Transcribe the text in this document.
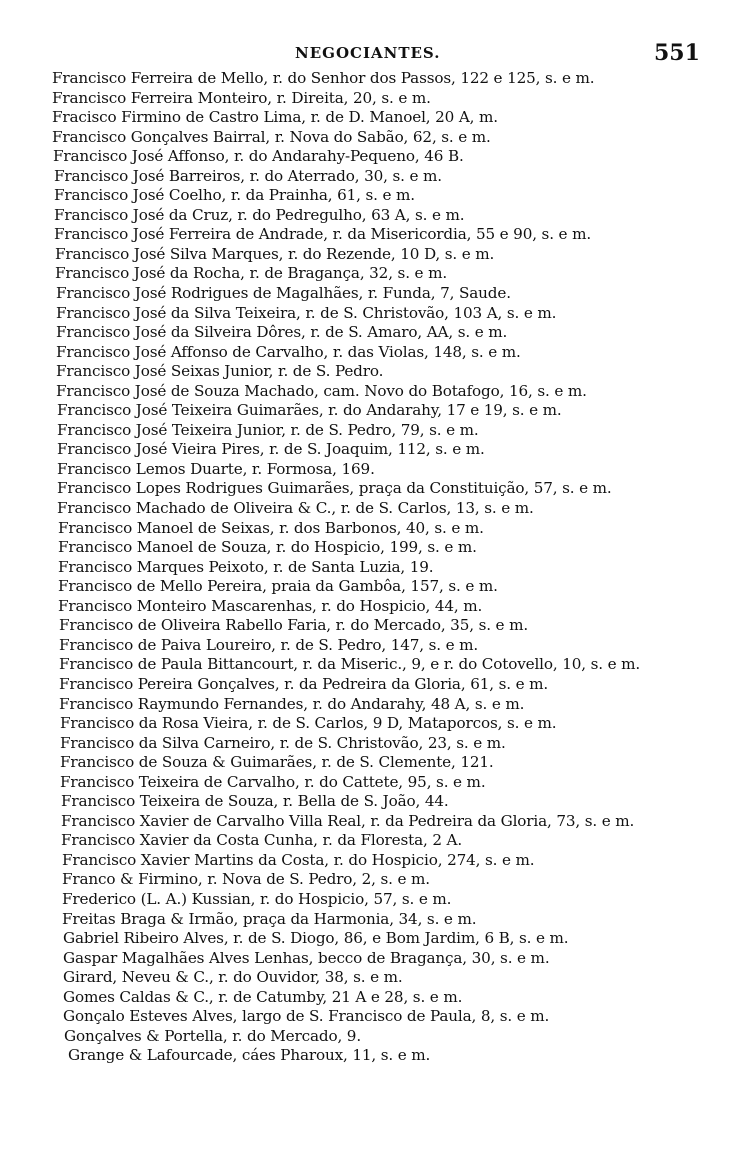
NEGOCIANTES.	551
Francisco Ferreira de Mello, r. do Senhor dos Passos, 122 e 125, s. e m.
Francisco Ferreira Monteiro, r. Direita, 20, s. e m.
Fracisco Firmino de Castro Lima, r. de D. Manoel, 20 A, m.
Francisco Gonçalves Bairral, r. Nova do Sabão, 62, s. e m.
Francisco José Affonso, r. do Andarahy-Pequeno, 46 B.
Francisco José Barreiros, r. do Aterrado, 30, s. e m.
Francisco José Coelho, r. da Prainha, 61, s. e m.
Francisco José da Cruz, r. do Pedregulho, 63 A, s. e m.
Francisco José Ferreira de Andrade, r. da Misericordia, 55 e 90, s. e m.
Francisco José Silva Marques, r. do Rezende, 10 D, s. e m.
Francisco José da Rocha, r. de Bragança, 32, s. e m.
Francisco José Rodrigues de Magalhães, r. Funda, 7, Saude.
Francisco José da Silva Teixeira, r. de S. Christovão, 103 A, s. e m.
Francisco José da Silveira Dôres, r. de S. Amaro, AA, s. e m.
Francisco José Affonso de Carvalho, r. das Violas, 148, s. e m.
Francisco José Seixas Junior, r. de S. Pedro.
Francisco José de Souza Machado, cam. Novo do Botafogo, 16, s. e m.
Francisco José Teixeira Guimarães, r. do Andarahy, 17 e 19, s. e m.
Francisco José Teixeira Junior, r. de S. Pedro, 79, s. e m.
Francisco José Vieira Pires, r. de S. Joaquim, 112, s. e m.
Francisco Lemos Duarte, r. Formosa, 169.
Francisco Lopes Rodrigues Guimarães, praça da Constituição, 57, s. e m.
Francisco Machado de Oliveira & C., r. de S. Carlos, 13, s. e m.
Francisco Manoel de Seixas, r. dos Barbonos, 40, s. e m.
Francisco Manoel de Souza, r. do Hospicio, 199, s. e m.
Francisco Marques Peixoto, r. de Santa Luzia, 19.
Francisco de Mello Pereira, praia da Gambôa, 157, s. e m.
Francisco Monteiro Mascarenhas, r. do Hospicio, 44, m.
Francisco de Oliveira Rabello Faria, r. do Mercado, 35, s. e m.
Francisco de Paiva Loureiro, r. de S. Pedro, 147, s. e m.
Francisco de Paula Bittancourt, r. da Miseric., 9, e r. do Cotovello, 10, s. e m.
Francisco Pereira Gonçalves, r. da Pedreira da Gloria, 61, s. e m.
Francisco Raymundo Fernandes, r. do Andarahy, 48 A, s. e m.
Francisco da Rosa Vieira, r. de S. Carlos, 9 D, Mataporcos, s. e m.
Francisco da Silva Carneiro, r. de S. Christovão, 23, s. e m.
Francisco de Souza & Guimarães, r. de S. Clemente, 121.
Francisco Teixeira de Carvalho, r. do Cattete, 95, s. e m.
Francisco Teixeira de Souza, r. Bella de S. João, 44.
Francisco Xavier de Carvalho Villa Real, r. da Pedreira da Gloria, 73, s. e m.
Francisco Xavier da Costa Cunha, r. da Floresta, 2 A.
Francisco Xavier Martins da Costa, r. do Hospicio, 274, s. e m.
Franco & Firmino, r. Nova de S. Pedro, 2, s. e m.
Frederico (L. A.) Kussian, r. do Hospicio, 57, s. e m.
Freitas Braga & Irmão, praça da Harmonia, 34, s. e m.
Gabriel Ribeiro Alves, r. de S. Diogo, 86, e Bom Jardim, 6 B, s. e m.
Gaspar Magalhães Alves Lenhas, becco de Bragança, 30, s. e m.
Girard, Neveu & C., r. do Ouvidor, 38, s. e m.
Gomes Caldas & C., r. de Catumby, 21 A e 28, s. e m.
Gonçalo Esteves Alves, largo de S. Francisco de Paula, 8, s. e m.
Gonçalves & Portella, r. do Mercado, 9.
Grange & Lafourcade, cáes Pharoux, 11, s. e m.
